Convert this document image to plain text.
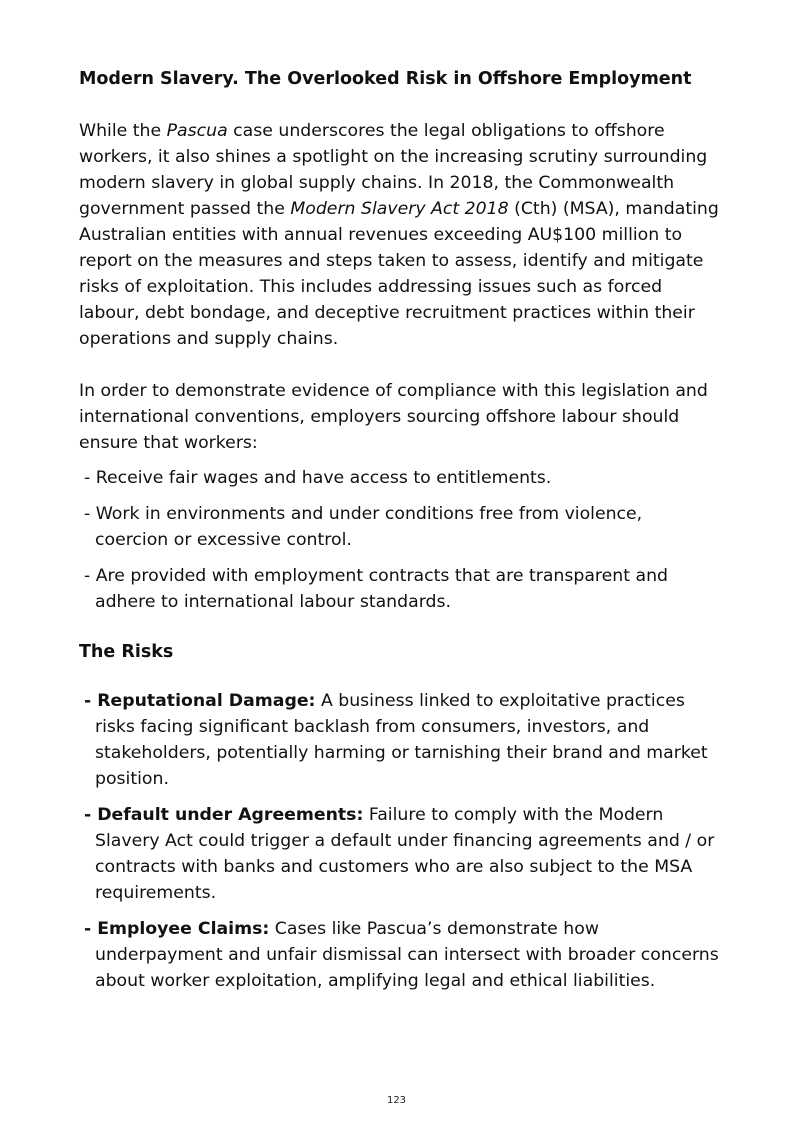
Modern Slavery. The Overlooked Risk in Offshore Employment

While the Pascua case underscores the legal obligations to offshore workers, it also shines a spotlight on the increasing scrutiny surrounding modern slavery in global supply chains. In 2018, the Commonwealth government passed the Modern Slavery Act 2018 (Cth) (MSA), mandating Australian entities with annual revenues exceeding AU$100 million to report on the measures and steps taken to assess, identify and mitigate risks of exploitation. This includes addressing issues such as forced labour, debt bondage, and deceptive recruitment practices within their operations and supply chains.

In order to demonstrate evidence of compliance with this legislation and international conventions, employers sourcing offshore labour should ensure that workers:

- Receive fair wages and have access to entitlements.
- Work in environments and under conditions free from violence, coercion or excessive control.
- Are provided with employment contracts that are transparent and adhere to international labour standards.
The Risks
- Reputational Damage: A business linked to exploitative practices risks facing significant backlash from consumers, investors, and stakeholders, potentially harming or tarnishing their brand and market position.
- Default under Agreements: Failure to comply with the Modern Slavery Act could trigger a default under financing agreements and / or contracts with banks and customers who are also subject to the MSA requirements.
- Employee Claims: Cases like Pascua’s demonstrate how underpayment and unfair dismissal can intersect with broader concerns about worker exploitation, amplifying legal and ethical liabilities.
123
